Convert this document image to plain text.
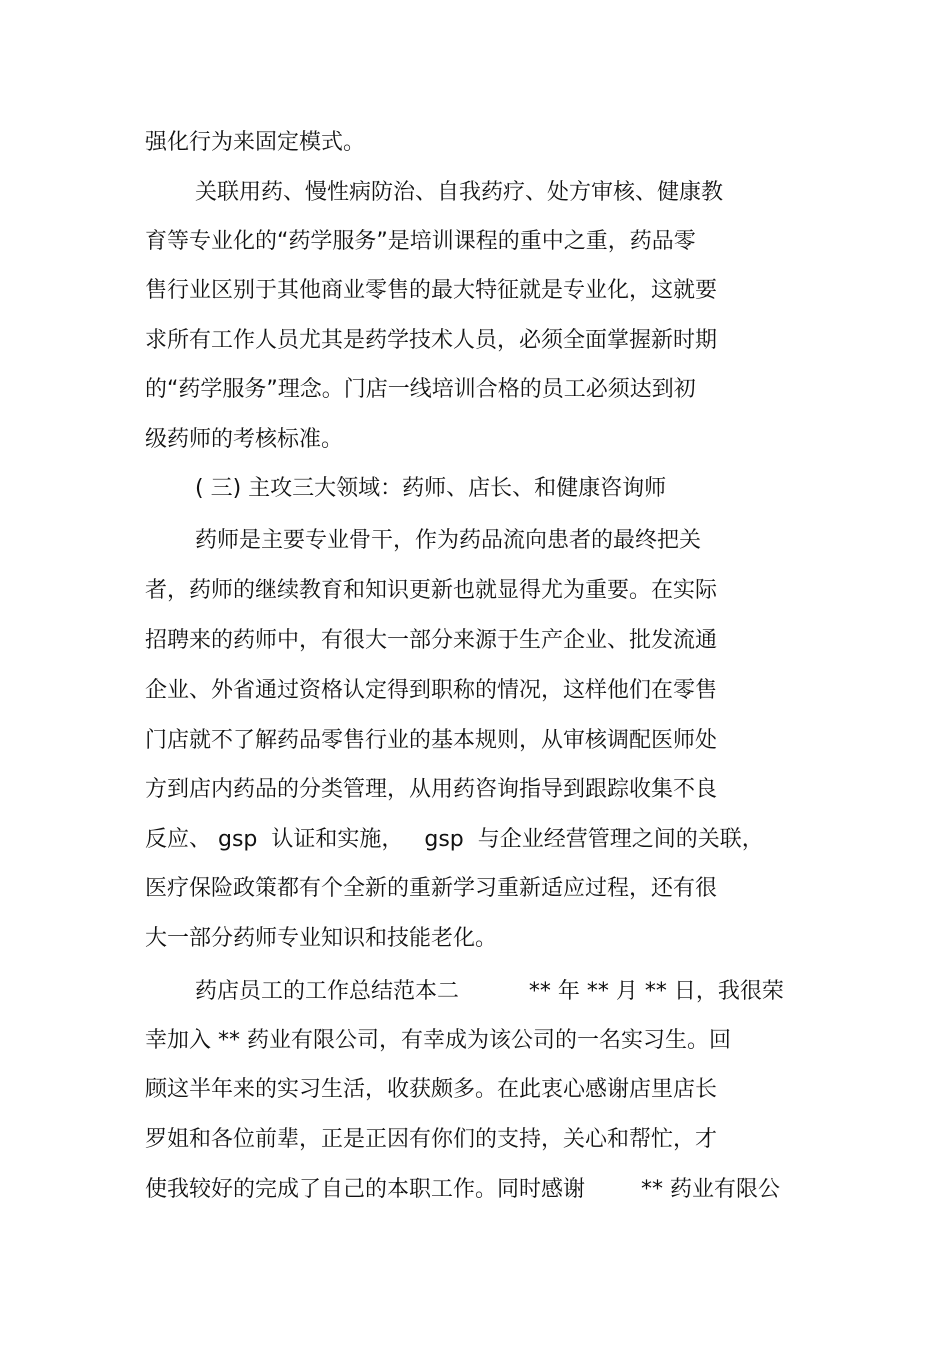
强化行为来固定模式。
关联用药、慢性病防治、自我药疗、处方审核、健康教
育等专业化的“药学服务”是培训课程的重中之重，药品零
售行业区别于其他商业零售的最大特征就是专业化，这就要
求所有工作人员尤其是药学技术人员，必须全面掌握新时期
的“药学服务”理念。门店一线培训合格的员工必须达到初
级药师的考核标准。
( 三) 主攻三大领域：药师、店长、和健康咨询师
药师是主要专业骨干，作为药品流向患者的最终把关
者，药师的继续教育和知识更新也就显得尤为重要。在实际
招聘来的药师中，有很大一部分来源于生产企业、批发流通
企业、外省通过资格认定得到职称的情况，这样他们在零售
门店就不了解药品零售行业的基本规则，从审核调配医师处
方到店内药品的分类管理，从用药咨询指导到跟踪收集不良
反应、 gsp  认证和实施，   gsp  与企业经营管理之间的关联，
医疗保险政策都有个全新的重新学习重新适应过程，还有很
大一部分药师专业知识和技能老化。
药店员工的工作总结范本二          ** 年 ** 月 ** 日，我很荣
幸加入 ** 药业有限公司，有幸成为该公司的一名实习生。回
顾这半年来的实习生活，收获颇多。在此衷心感谢店里店长
罗姐和各位前辈，正是正因有你们的支持，关心和帮忙，才
使我较好的完成了自己的本职工作。同时感谢        ** 药业有限公
